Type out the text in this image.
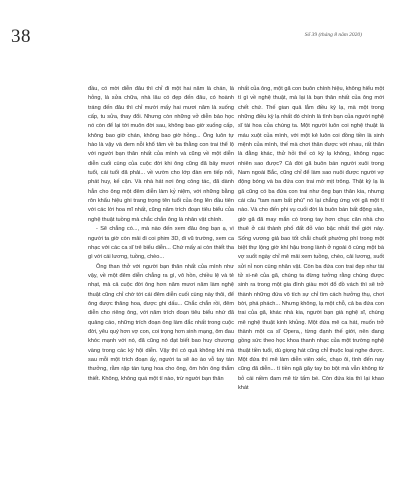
38	Số 39 (tháng 8 năm 2020)

đầu, có mời diễn đâu thì chỉ đi một hai năm là chán, là hỏng, là sửa chữa, nhà lâu có đẹp đến đâu, có hoành tráng đến đâu thì chỉ mười mấy hai mươi năm là xuống cấp, tu sửa, thay đổi. Nhưng còn những vở diễn bảo học nó còn để lại tới muôn đời sau, không bao giờ xuống cấp, không bao giờ chán, không bao giờ hỏng... Ông luôn tự hào là vậy và đem nỗi khổ tâm về ba thằng con trai thể lộ với người bạn thân nhất của mình và cũng về một diễn diễn cuối cùng của cuộc đời khi ông cũng đã bảy mươi tuổi, cái tuổi đã phải... về vườn cho lớp đàn em tiếp nối, phát huy, kế cận. Và nhà hát nơi ông công tác, đã dành hẳn cho ông một đêm diễn làm kỷ niệm, với những bằng rôn khẩu hiệu ghi trang trọng tên tuổi của ông lên đầu tiên với các lời hoa mĩ nhất, cũng năm trích đoạn tiêu biểu của nghệ thuật tuồng mà chắc chắn ông là nhân vật chính.

- Sẽ chẳng có..., mà nào đến xem đâu ông bạn ạ, vì người ta giờ còn mải đi coi phim 3D, đi vũ trường, xem ca nhạc với các ca sĩ trẻ biểu diễn... Chứ mấy ai còn thiết tha gì với cái lương, tuồng, chèo...

Ông than thở với người bạn thân nhất của mình như vậy, về một đêm diễn chẳng ra gì, vô hồn, chiều lệ và tẻ nhạt, mà cả cuộc đời ông hơn năm mươi năm làm nghệ thuật cũng chỉ chờ tới cái đêm diễn cuối cùng này thôi, để ông được thăng hoa, được ghi dấu... Chắc chắn rồi, đêm diễn cho riêng ông, với năm trích đoạn tiêu biểu nhứ đã quảng cáo, những trích đoạn ông làm đắc nhất trong cuộc đời, yêu quý hơn vợ con, coi trọng hơn sinh mạng, ôm đau khóc mạnh với nó, đã cũng nó đạt biết bao huy chương vàng trong các kỳ hội diễn. Vậy thì có quả không khi mà sau mỗi một trích đoạn ấy, người ta sẽ ào ào vỗ tay tán thưởng, rằm rập tán tụng hoa cho ông, ôm hôn ông thắm thiết. Không, không quá một tí nào, trừ người bạn thân

nhất của ông, một gã con buôn chính hiệu, không hiểu một tí gì về nghệ thuật, mà lại là bạn thân nhất của ông mới chết chứ. Thế gian quả lắm điều kỳ lạ, mà một trong những điều kỳ lạ nhất đó chính là tình bạn của người nghệ sĩ tài hoa của chúng ta. Một người luôn coi nghệ thuật là máu xuột của mình, với một kẻ luôn coi đồng tiền là sinh mệnh của mình, thế mà chơi thân được với nhau, rất thân là đằng khác, thử hỏi thế có kỳ lạ không, không ngạc nhiên sao được? Cả đời gã buôn bán người xuôi trong Nam ngoài Bắc, cũng chỉ để làm sao nuôi được người vợ động bóng và ba đứa con trai mờ mịt trông. Thật kỳ lạ là gã cũng có ba đứa con trai như ông bạn thân kia, nhưng cái câu "tam nam bất phú" nó lại chẳng ứng với gã một tí nào. Và cho đến phi vụ cuối đời là buôn bán bất động sản, giờ gã đã may mắn có trong tay hơn chục căn nhà cho thuê ở cái thành phố đất đỏ vào bậc nhất thế giới này. Sống vương giả bao tốt chẳi chuốt phường phí trong một biệt thự lộng giờ khí hậu trong lành ở ngoài ô cùng một bà vợ suốt ngày chỉ mê mải xem tuồng, chèo, cải lương, suốt sửi nỉ non cùng nhân vật. Còn ba đứa con trai đẹp như tài tử xi-nê của gã, chúng ta đừng tưởng rằng chúng được sinh ra trong một gia đình giàu mới đổ đồ vách thì sẽ trở thành những đứa vô tích sự chỉ tìm cách hưởng thụ, chơi bời, phá phách... Nhưng không, lạ một chỗ, cả ba đứa con trai của gã, khác nhà kia, người bạn già nghệ sĩ, chúng mê nghệ thuật kinh khủng. Một đứa mê ca hát, muốn trở thành một ca sĩ Opera,, từng đạnh thế giới, nên đang gồng sức theo học khoa thanh nhạc của một trường nghệ thuật tiền tuổi, dù giọng hát cũng chỉ thuộc loại nghe được. Một đứa thì mê làm diễn viên xiếc, chạo ôi, tình đến nay cũng đã diễn... tí tiền ngã gãy tay bo bột mà vẫn không từ bỏ cái niềm đam mê từ tấm bé. Còn đứa kia thì lại khao khát
